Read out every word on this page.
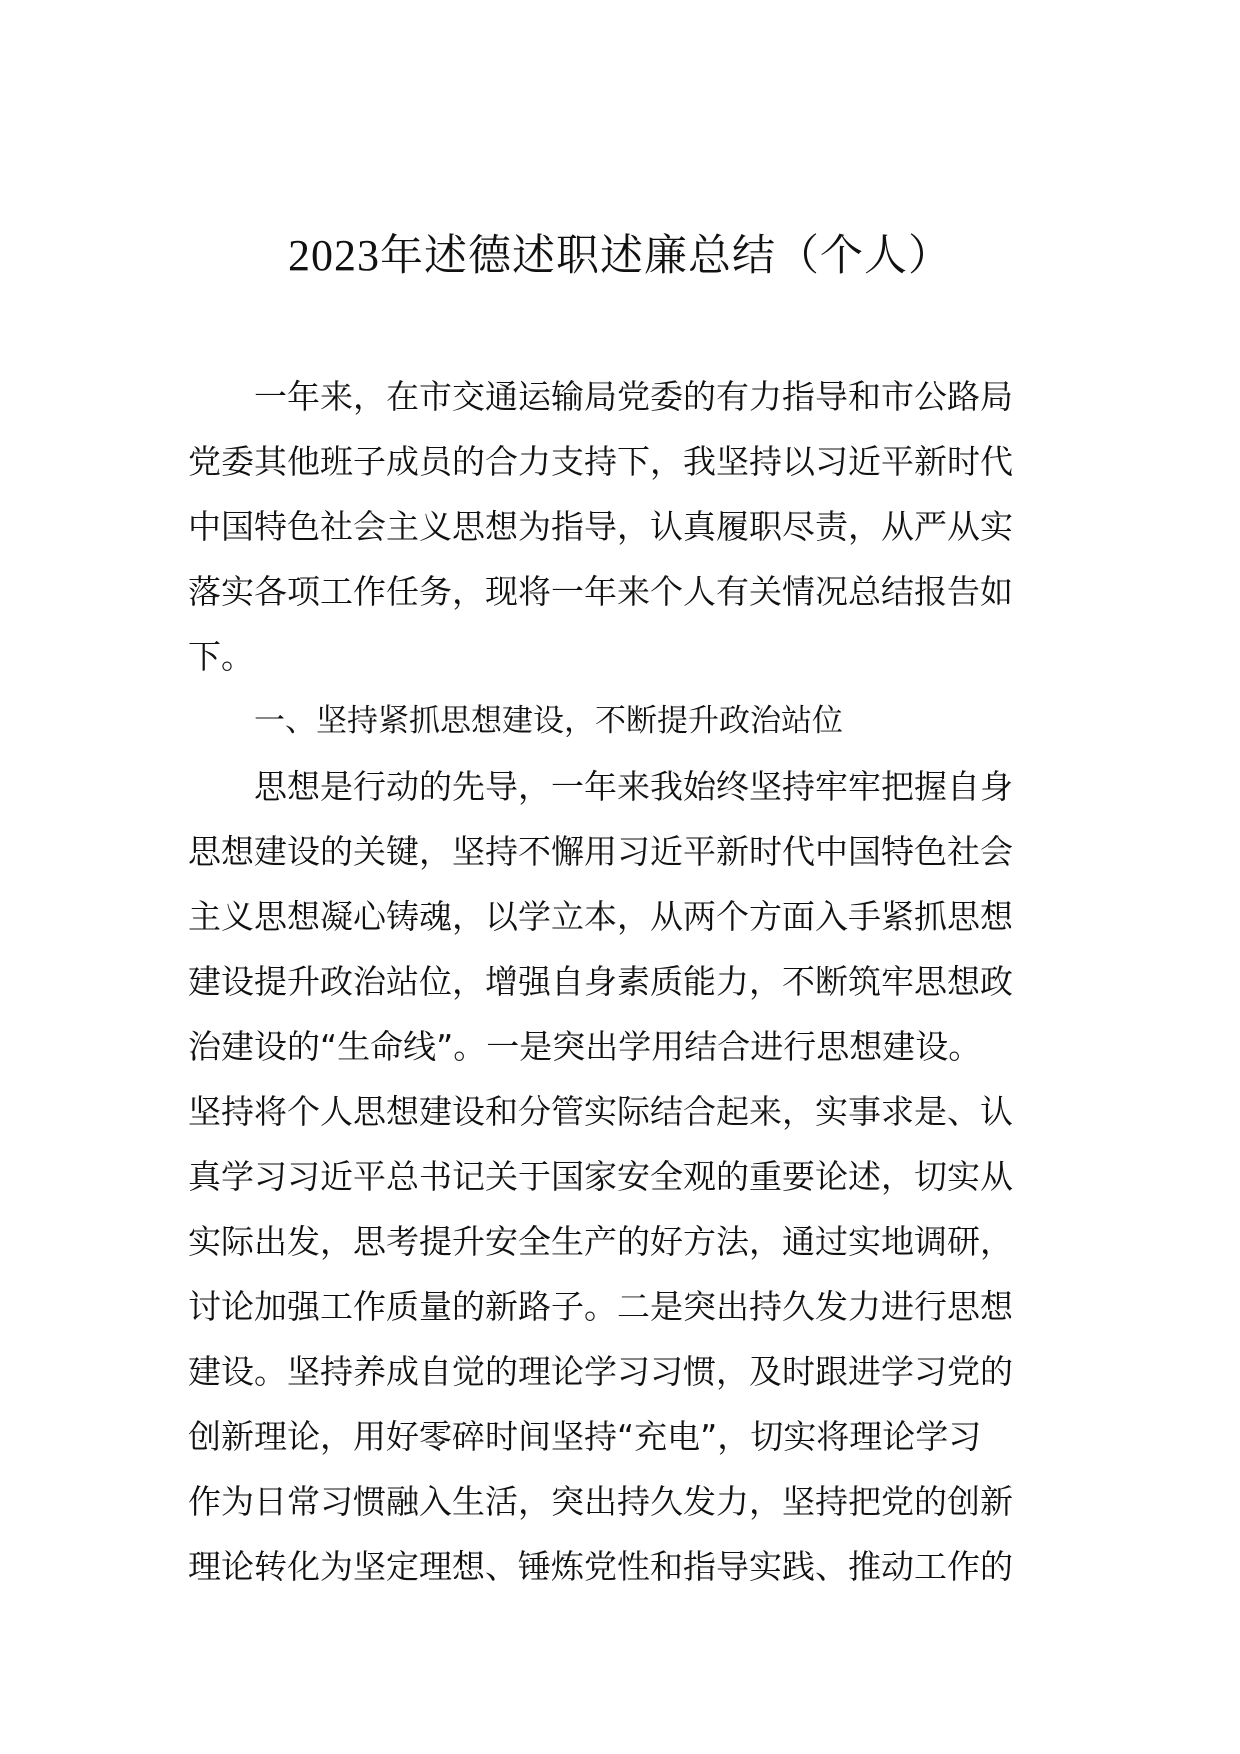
2023年述德述职述廉总结（个人）
一年来，在市交通运输局党委的有力指导和市公路局
党委其他班子成员的合力支持下，我坚持以习近平新时代
中国特色社会主义思想为指导，认真履职尽责，从严从实
落实各项工作任务，现将一年来个人有关情况总结报告如
下。
一、坚持紧抓思想建设，不断提升政治站位
思想是行动的先导，一年来我始终坚持牢牢把握自身
思想建设的关键，坚持不懈用习近平新时代中国特色社会
主义思想凝心铸魂，以学立本，从两个方面入手紧抓思想
建设提升政治站位，增强自身素质能力，不断筑牢思想政
治建设的“生命线”。一是突出学用结合进行思想建设。
坚持将个人思想建设和分管实际结合起来，实事求是、认
真学习习近平总书记关于国家安全观的重要论述，切实从
实际出发，思考提升安全生产的好方法，通过实地调研，
讨论加强工作质量的新路子。二是突出持久发力进行思想
建设。坚持养成自觉的理论学习习惯，及时跟进学习党的
创新理论，用好零碎时间坚持“充电”，切实将理论学习
作为日常习惯融入生活，突出持久发力，坚持把党的创新
理论转化为坚定理想、锤炼党性和指导实践、推动工作的
